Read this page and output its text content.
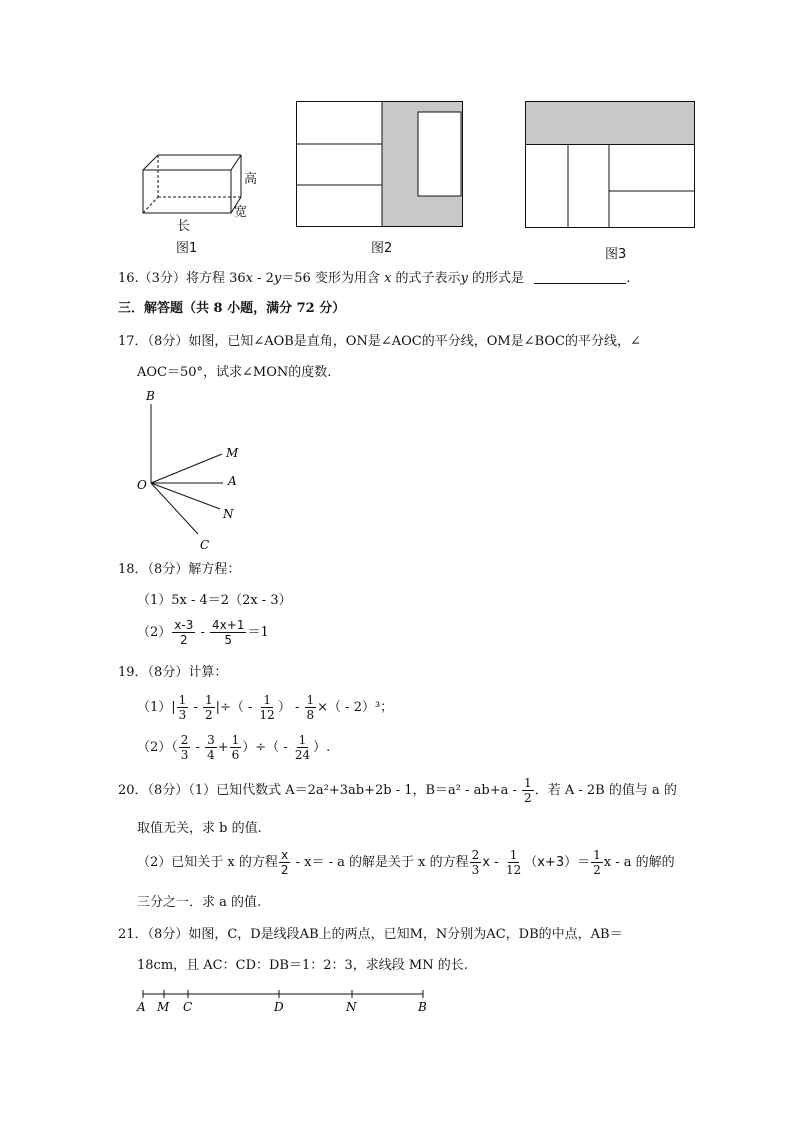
高
宽
长
图1	图2	图3
16.（3分）将方程 36x - 2y＝56 变形为用含 x 的式子表示y 的形式是	.
三．解答题（共 8 小题，满分 72 分）
17．（8分）如图，已知∠AOB是直角，ON是∠AOC的平分线，OM是∠BOC的平分线，∠
AOC＝50°，试求∠MON的度数.
B
M
O	A
N
C
18．（8分）解方程：
（1）5x - 4＝2（2x - 3）
$(2) \frac{x-3}{2} - \frac{4x+1}{5} =1$
19．（8分）计算：
$(1)| \frac{1}{3} - \frac{1}{2}$ |÷（ - $\frac{1}{12}$ ） - $\frac{1}{8}$ ×（ - 2）³；
$(2)( \frac{2}{3} - \frac{3}{4} + \frac{1}{6}$ ）÷（ - $\frac{1}{24}$ ）.
20．（8分）（1）已知代数式 A＝2a²+3ab+2b - 1，$B=a^2 - ab+a - \frac{1}{2}$ ．若 A - 2B 的值与 a 的
取值无关，求 b 的值.
（2）已知关于 x 的方程 $\frac{x}{2} - x= - a$ 的解是关于 x 的方程 $\frac{2}{3}$ $x - \frac{1}{12} (x+3)= \frac{1}{2}$ x - a 的解的
三分之一．求 a 的值.
21．（8分）如图，C，D是线段AB上的两点，已知M，N分别为AC，DB的中点，AB＝
18cm，且 AC：CD：DB＝1：2：3，求线段 MN 的长.
A M C	D	N	B
